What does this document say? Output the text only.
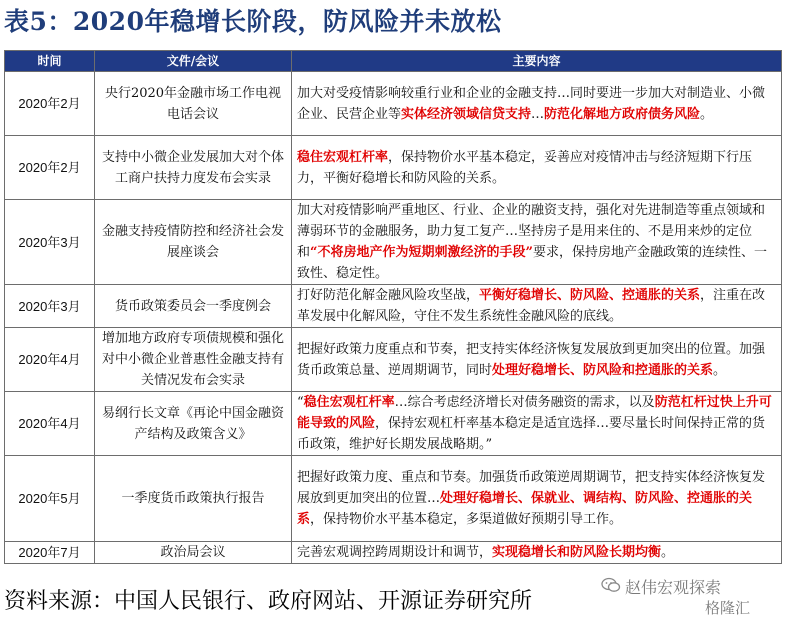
表5：2020年稳增长阶段，防风险并未放松
时间	文件/会议	主要内容
2020年2月	央行2020年金融市场工作电视电话会议	加大对受疫情影响较重行业和企业的金融支持…同时要进一步加大对制造业、小微企业、民营企业等实体经济领域信贷支持…防范化解地方政府债务风险。
2020年2月	支持中小微企业发展加大对个体工商户扶持力度发布会实录	稳住宏观杠杆率，保持物价水平基本稳定，妥善应对疫情冲击与经济短期下行压力，平衡好稳增长和防风险的关系。
2020年3月	金融支持疫情防控和经济社会发展座谈会	加大对疫情影响严重地区、行业、企业的融资支持，强化对先进制造等重点领域和薄弱环节的金融服务，助力复工复产…坚持房子是用来住的、不是用来炒的定位和“不将房地产作为短期刺激经济的手段”要求，保持房地产金融政策的连续性、一致性、稳定性。
2020年3月	货币政策委员会一季度例会	打好防范化解金融风险攻坚战，平衡好稳增长、防风险、控通胀的关系，注重在改革发展中化解风险，守住不发生系统性金融风险的底线。
2020年4月	增加地方政府专项债规模和强化对中小微企业普惠性金融支持有关情况发布会实录	把握好政策力度重点和节奏，把支持实体经济恢复发展放到更加突出的位置。加强货币政策总量、逆周期调节，同时处理好稳增长、防风险和控通胀的关系。
2020年4月	易纲行长文章《再论中国金融资产结构及政策含义》	“稳住宏观杠杆率…综合考虑经济增长对债务融资的需求，以及防范杠杆过快上升可能导致的风险，保持宏观杠杆率基本稳定是适宜选择…要尽量长时间保持正常的货币政策，维护好长期发展战略期。”
2020年5月	一季度货币政策执行报告	把握好政策力度、重点和节奏。加强货币政策逆周期调节，把支持实体经济恢复发展放到更加突出的位置…处理好稳增长、保就业、调结构、防风险、控通胀的关系，保持物价水平基本稳定，多渠道做好预期引导工作。
2020年7月	政治局会议	完善宏观调控跨周期设计和调节，实现稳增长和防风险长期均衡。
资料来源：中国人民银行、政府网站、开源证券研究所
赵伟宏观探索
格隆汇
